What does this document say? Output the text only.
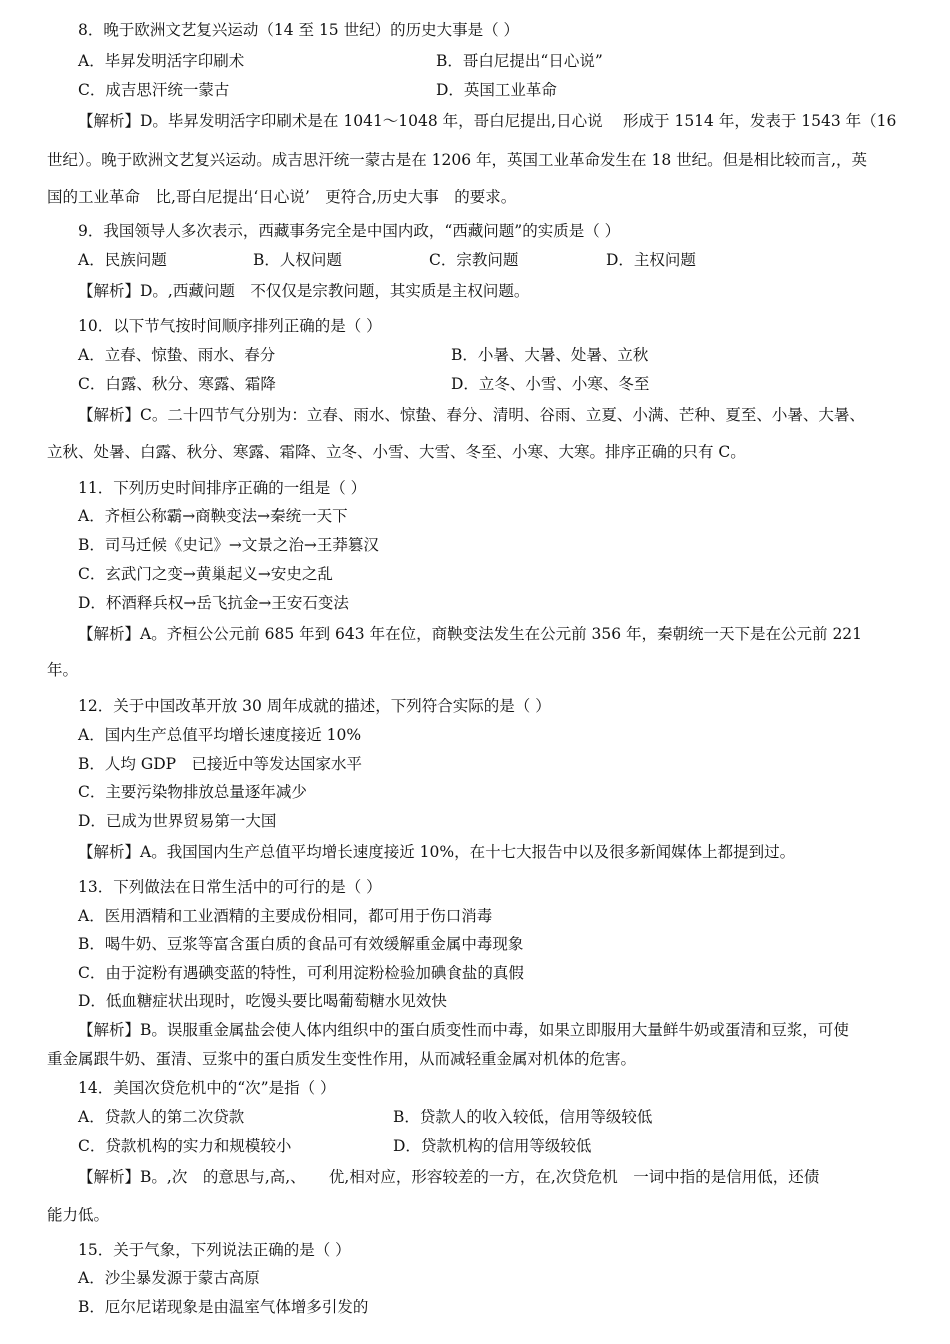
8．晚于欧洲文艺复兴运动（14 至 15 世纪）的历史大事是（ ）
A．毕昇发明活字印刷术	B．哥白尼提出“日心说”
C．成吉思汗统一蒙古	D．英国工业革命
【解析】D。毕昇发明活字印刷术是在 1041～1048 年，哥白尼提出,日心说　 形成于 1514 年，发表于 1543 年（16
世纪）。晚于欧洲文艺复兴运动。成吉思汗统一蒙古是在 1206 年，英国工业革命发生在 18 世纪。但是相比较而言,，英
国的工业革命　比,哥白尼提出‘日心说’　更符合,历史大事　的要求。
9．我国领导人多次表示，西藏事务完全是中国内政，“西藏问题”的实质是（ ）
A．民族问题	B．人权问题	C．宗教问题	D．主权问题
【解析】D。,西藏问题　不仅仅是宗教问题，其实质是主权问题。
10．以下节气按时间顺序排列正确的是（ ）
A．立春、惊蛰、雨水、春分	B．小暑、大暑、处暑、立秋
C．白露、秋分、寒露、霜降	D．立冬、小雪、小寒、冬至
【解析】C。二十四节气分别为：立春、雨水、惊蛰、春分、清明、谷雨、立夏、小满、芒种、夏至、小暑、大暑、
立秋、处暑、白露、秋分、寒露、霜降、立冬、小雪、大雪、冬至、小寒、大寒。排序正确的只有 C。
11．下列历史时间排序正确的一组是（ ）
A．齐桓公称霸→商鞅变法→秦统一天下
B．司马迁候《史记》→文景之治→王莽篡汉
C．玄武门之变→黄巢起义→安史之乱
D．杯酒释兵权→岳飞抗金→王安石变法
【解析】A。齐桓公公元前 685 年到 643 年在位，商鞅变法发生在公元前 356 年，秦朝统一天下是在公元前 221
年。
12．关于中国改革开放 30 周年成就的描述，下列符合实际的是（ ）
A．国内生产总值平均增长速度接近 10%
B．人均 GDP　已接近中等发达国家水平
C．主要污染物排放总量逐年减少
D．已成为世界贸易第一大国
【解析】A。我国国内生产总值平均增长速度接近 10%，在十七大报告中以及很多新闻媒体上都提到过。
13．下列做法在日常生活中的可行的是（ ）
A．医用酒精和工业酒精的主要成份相同，都可用于伤口消毒
B．喝牛奶、豆浆等富含蛋白质的食品可有效缓解重金属中毒现象
C．由于淀粉有遇碘变蓝的特性，可利用淀粉检验加碘食盐的真假
D．低血糖症状出现时，吃馒头要比喝葡萄糖水见效快
【解析】B。误服重金属盐会使人体内组织中的蛋白质变性而中毒，如果立即服用大量鲜牛奶或蛋清和豆浆，可使
重金属跟牛奶、蛋清、豆浆中的蛋白质发生变性作用，从而减轻重金属对机体的危害。
14．美国次贷危机中的“次”是指（ ）
A．贷款人的第二次贷款	B．贷款人的收入较低，信用等级较低
C．贷款机构的实力和规模较小	D．贷款机构的信用等级较低
【解析】B。,次　的意思与,高,、　　优,相对应，形容较差的一方，在,次贷危机　一词中指的是信用低，还债
能力低。
15．关于气象，下列说法正确的是（ ）
A．沙尘暴发源于蒙古高原
B．厄尔尼诺现象是由温室气体增多引发的
